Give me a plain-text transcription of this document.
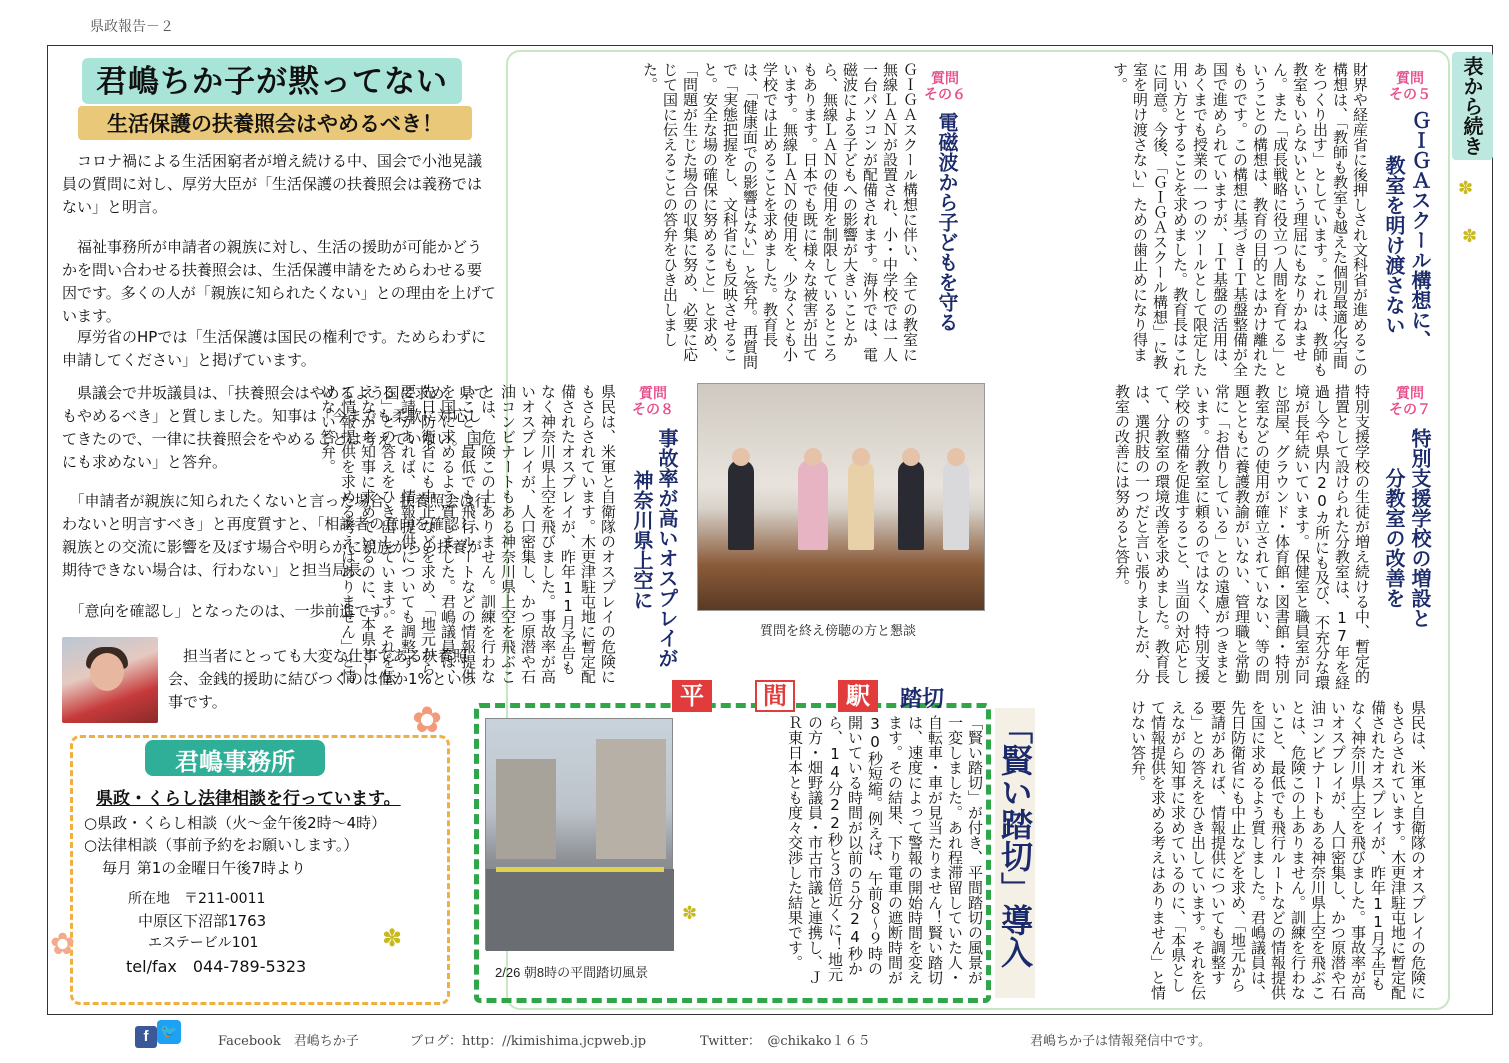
県政報告－２
君嶋ちか子が黙ってない
生活保護の扶養照会はやめるべき！
　コロナ禍による生活困窮者が増え続ける中、国会で小池晃議員の質問に対し、厚労大臣が「生活保護の扶養照会は義務ではない」と明言。
　福祉事務所が申請者の親族に対し、生活の援助が可能かどうかを問い合わせる扶養照会は、生活保護申請をためらわせる要因です。多くの人が「親族に知られたくない」との理由を上げています。
　厚労省のHPでは「生活保護は国民の権利です。ためらわずに申請してください」と掲げています。
　県議会で井坂議員は、「扶養照会はやめるよう国に求め、県でもやめるべき」と質しました。知事は「今までも柔軟に対応してきたので、一律に扶養照会をやめることは考えていない。国にも求めない」と答弁。
　「申請者が親族に知られたくないと言った場合、扶養照会は行わないと明言すべき」と再度質すと、「相談者の意向を確認し、親族との交流に影響を及ぼす場合や明らかに親族からの扶養が期待できない場合は、行わない」と担当局長。
　「意向を確認し」となったのは、一歩前進です。
　担当者にとっても大変な仕事である扶養照会、金銭的援助に結びつくのは僅か1%という事です。	✿
✿
君嶋事務所
県政・くらし法律相談を行っています。
○県政・くらし相談（火～金午後2時～4時）
○法律相談（事前予約をお願いします。）
毎月 第1の金曜日午後7時より
所在地　〒211-0011
中原区下沼部1763
エステービル101
tel/fax　044-789-5323
✽
表から続き
✽
✽
質問
その５
ＧＩＧＡスクール構想に、
教室を明け渡さない
財界や経産省に後押しされ文科省が進めるこの構想は、「教師も教室も越えた個別最適化空間をつくり出す」としています。これは、教師も教室もいらないという理屈にもなりかねません。また「成長戦略に役立つ人間を育てる」ということの構想は、教育の目的とはかけ離れたものです。この構想に基づきＩＴ基盤整備が全国で進められていますが、ＩＴ基盤の活用は、あくまでも授業の一つのツールとして限定した用い方とすることを求めました。教育長はこれに同意。今後、「ＧＩＧＡスクール構想」に教室を明け渡さない」ための歯止めになり得ます。
質問
その６
電磁波から子どもを守る
ＧＩＧＡスクール構想に伴い、全ての教室に無線ＬＡＮが設置され、小・中学校では一人一台パソコンが配備されます。海外では、電磁波による子どもへの影響が大きいことから、無線ＬＡＮの使用を制限しているところもあります。日本でも既に様々な被害が出ています。無線ＬＡＮの使用を、少なくとも小学校では止めることを求めました。教育長は、「健康面での影響はない」と答弁。再質問で「実態把握をし、文科省にも反映させること。安全な場の確保に努めること」と求め、「問題が生じた場合の収集に努め、必要に応じて国に伝えることの答弁をひき出しました。
質問
その７
特別支援学校の増設と
分教室の改善を
特別支援学校の生徒が増え続ける中、暫定的措置として設けられた分教室は、17年を経過し今や県内20カ所にも及び、不充分な環境が長年続いています。保健室と職員室が同じ部屋、グラウンド・体育館・図書館・特別教室などの使用が確立されていない、等の問題とともに養護教諭がいない、管理職と常勤常に「お借りしている」との遠慮がつきまといます。分教室に頼るのではなく、特別支援学校の整備を促進すること、当面の対応として、分教室の環境改善を求めました。教育長は、選択肢の一つだと言い張りましたが、分教室の改善には努めると答弁。
質問を終え傍聴の方と懇談
質問
その８
事故率が高いオスプレイが
神奈川県上空に
県民は、米軍と自衛隊のオスプレイの危険にもさらされています。木更津駐屯地に暫定配備されたオスプレイが、昨年11月予告もなく神奈川県上空を飛びました。事故率が高いオスプレイが、人口密集し、かつ原潜や石油コンビナートもある神奈川県上空を飛ぶことは、危険この上ありません。訓練を行わないこと、最低でも飛行ルートなどの情報提供を国に求めるよう質しました。君嶋議員は、先日防衛省にも中止などを求め、「地元から要請があれば、情報提供についても調整する」との答えをひき出しています。それを伝えながら知事に求めているのに、「本県として情報提供を求める考えはありません」と情けない答弁。
県民は、米軍と自衛隊のオスプレイの危険にもさらされています。木更津駐屯地に暫定配備されたオスプレイが、昨年11月予告もなく神奈川県上空を飛びました。事故率が高いオスプレイが、人口密集し、かつ原潜や石油コンビナートもある神奈川県上空を飛ぶことは、危険この上ありません。訓練を行わないこと、最低でも飛行ルートなどの情報提供を国に求めるよう質しました。君嶋議員は、先日防衛省にも中止などを求め、「地元から要請があれば、情報提供についても調整する」との答えをひき出しています。それを伝えながら知事に求めているのに、「本県として情報提供を求める考えはありません」と情けない答弁。
平	間	駅	踏切
2/26 朝8時の平間踏切風景
✽	「賢い踏切」が付き、平間踏切の風景が一変しました。あれ程滞留していた人・自転車・車が見当たりません！賢い踏切は、速度によって警報の開始時間を変えます。その結果、下り電車の遮断時間が30秒短縮。例えば、午前８～９時の開いている時間が以前の５分24秒から、14分22秒と３倍近くに！地元の方・畑野議員・市古市議と連携し、ＪＲ東日本とも度々交渉した結果です。	「賢い踏切」導入
f 🐦
Facebook　君嶋ちか子	ブログ：http：//kimishima.jcpweb.jp	Twitter：　@chikako１６５	君嶋ちか子は情報発信中です。
